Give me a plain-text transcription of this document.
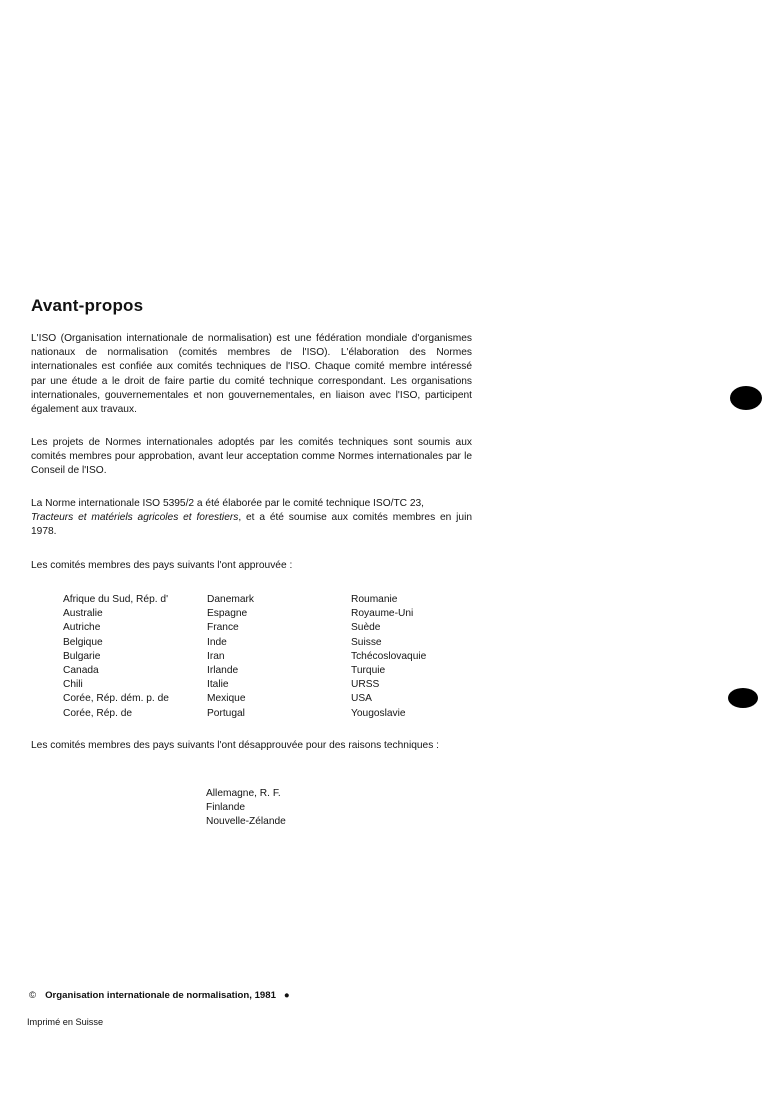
Avant-propos

L'ISO (Organisation internationale de normalisation) est une fédération mondiale d'organismes nationaux de normalisation (comités membres de l'ISO). L'élaboration des Normes internationales est confiée aux comités techniques de l'ISO. Chaque comité membre intéressé par une étude a le droit de faire partie du comité technique correspondant. Les organisations internationales, gouvernementales et non gouvernementales, en liaison avec l'ISO, participent également aux travaux.

Les projets de Normes internationales adoptés par les comités techniques sont soumis aux comités membres pour approbation, avant leur acceptation comme Normes internationales par le Conseil de l'ISO.

La Norme internationale ISO 5395/2 a été élaborée par le comité technique ISO/TC 23,
Tracteurs et matériels agricoles et forestiers, et a été soumise aux comités membres en juin 1978.

Les comités membres des pays suivants l'ont approuvée :

Afrique du Sud, Rép. d'
Australie
Autriche
Belgique
Bulgarie
Canada
Chili
Corée, Rép. dém. p. de
Corée, Rép. de
Danemark
Espagne
France
Inde
Iran
Irlande
Italie
Mexique
Portugal
Roumanie
Royaume-Uni
Suède
Suisse
Tchécoslovaquie
Turquie
URSS
USA
Yougoslavie

Les comités membres des pays suivants l'ont désapprouvée pour des raisons techniques :

Allemagne, R. F.
Finlande
Nouvelle-Zélande
© Organisation internationale de normalisation, 1981 ●
Imprimé en Suisse
